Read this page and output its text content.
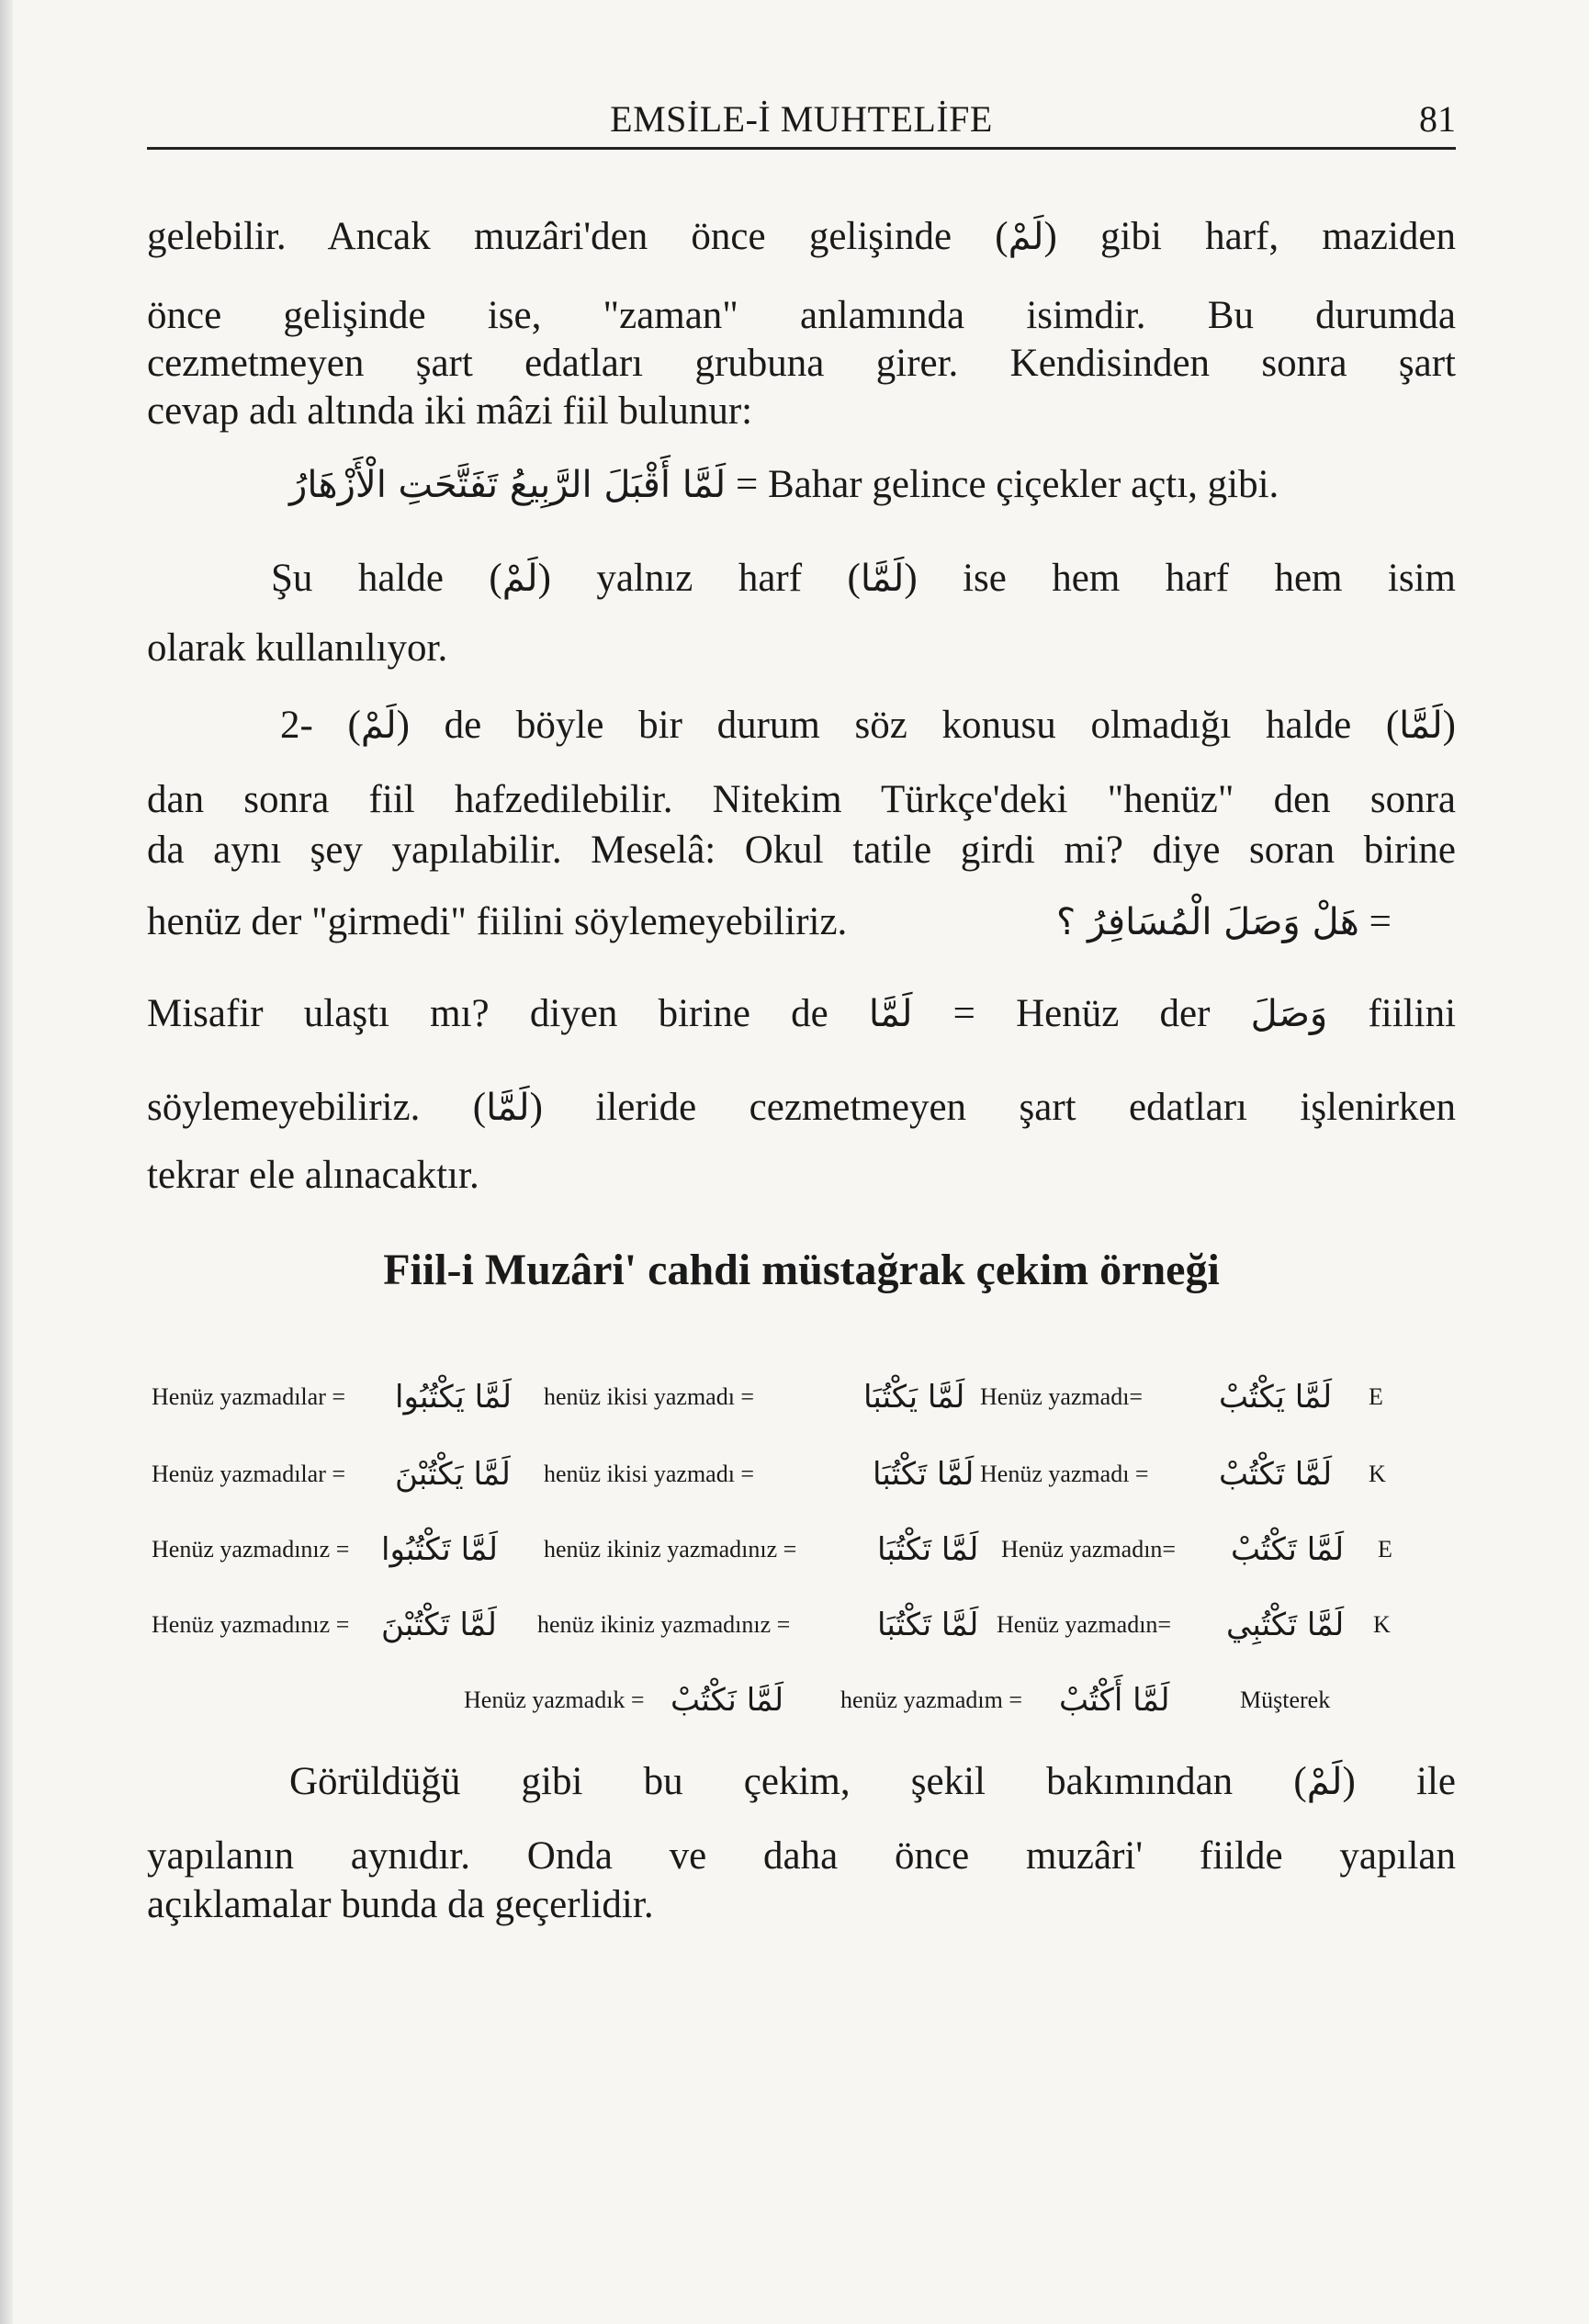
EMSİLE-İ MUHTELİFE	81
gelebilir. Ancak muzâri'den önce gelişinde (لَمْ) gibi harf, maziden
önce gelişinde ise, "zaman" anlamında isimdir. Bu durumda
cezmetmeyen şart edatları grubuna girer. Kendisinden sonra şart
cevap adı altında iki mâzi fiil bulunur:
لَمَّا أَقْبَلَ الرَّبِيعُ تَفَتَّحَتِ الْأَزْهَارُ = Bahar gelince çiçekler açtı, gibi.
Şu halde (لَمْ) yalnız harf (لَمَّا) ise hem harf hem isim
olarak kullanılıyor.
2- (لَمْ) de böyle bir durum söz konusu olmadığı halde (لَمَّا)
dan sonra fiil hafzedilebilir. Nitekim Türkçe'deki "henüz" den sonra
da aynı şey yapılabilir. Meselâ: Okul tatile girdi mi? diye soran birine
henüz der "girmedi" fiilini söylemeyebiliriz.	هَلْ وَصَلَ الْمُسَافِرُ ؟ =
Misafir ulaştı mı? diyen birine de لَمَّا = Henüz der وَصَلَ fiilini
söylemeyebiliriz. (لَمَّا) ileride cezmetmeyen şart edatları işlenirken
tekrar ele alınacaktır.
Fiil-i Muzâri' cahdi müstağrak çekim örneği
Henüz yazmadılar = لَمَّا يَكْتُبُوا henüz ikisi yazmadı =	لَمَّا يَكْتُبَا Henüz yazmadı= لَمَّا يَكْتُبْ E
Henüz yazmadılar = لَمَّا يَكْتُبْنَ henüz ikisi yazmadı =	لَمَّا تَكْتُبَا Henüz yazmadı = لَمَّا تَكْتُبْ K
Henüz yazmadınız = لَمَّا تَكْتُبُوا henüz ikiniz yazmadınız =	لَمَّا تَكْتُبَا Henüz yazmadın= لَمَّا تَكْتُبْ E
Henüz yazmadınız = لَمَّا تَكْتُبْنَ henüz ikiniz yazmadınız =	لَمَّا تَكْتُبَا Henüz yazmadın= لَمَّا تَكْتُبِي K
Henüz yazmadık = لَمَّا نَكْتُبْ henüz yazmadım = لَمَّا أَكْتُبْ	Müşterek
Görüldüğü gibi bu çekim, şekil bakımından (لَمْ) ile
yapılanın aynıdır. Onda ve daha önce muzâri' fiilde yapılan
açıklamalar bunda da geçerlidir.
